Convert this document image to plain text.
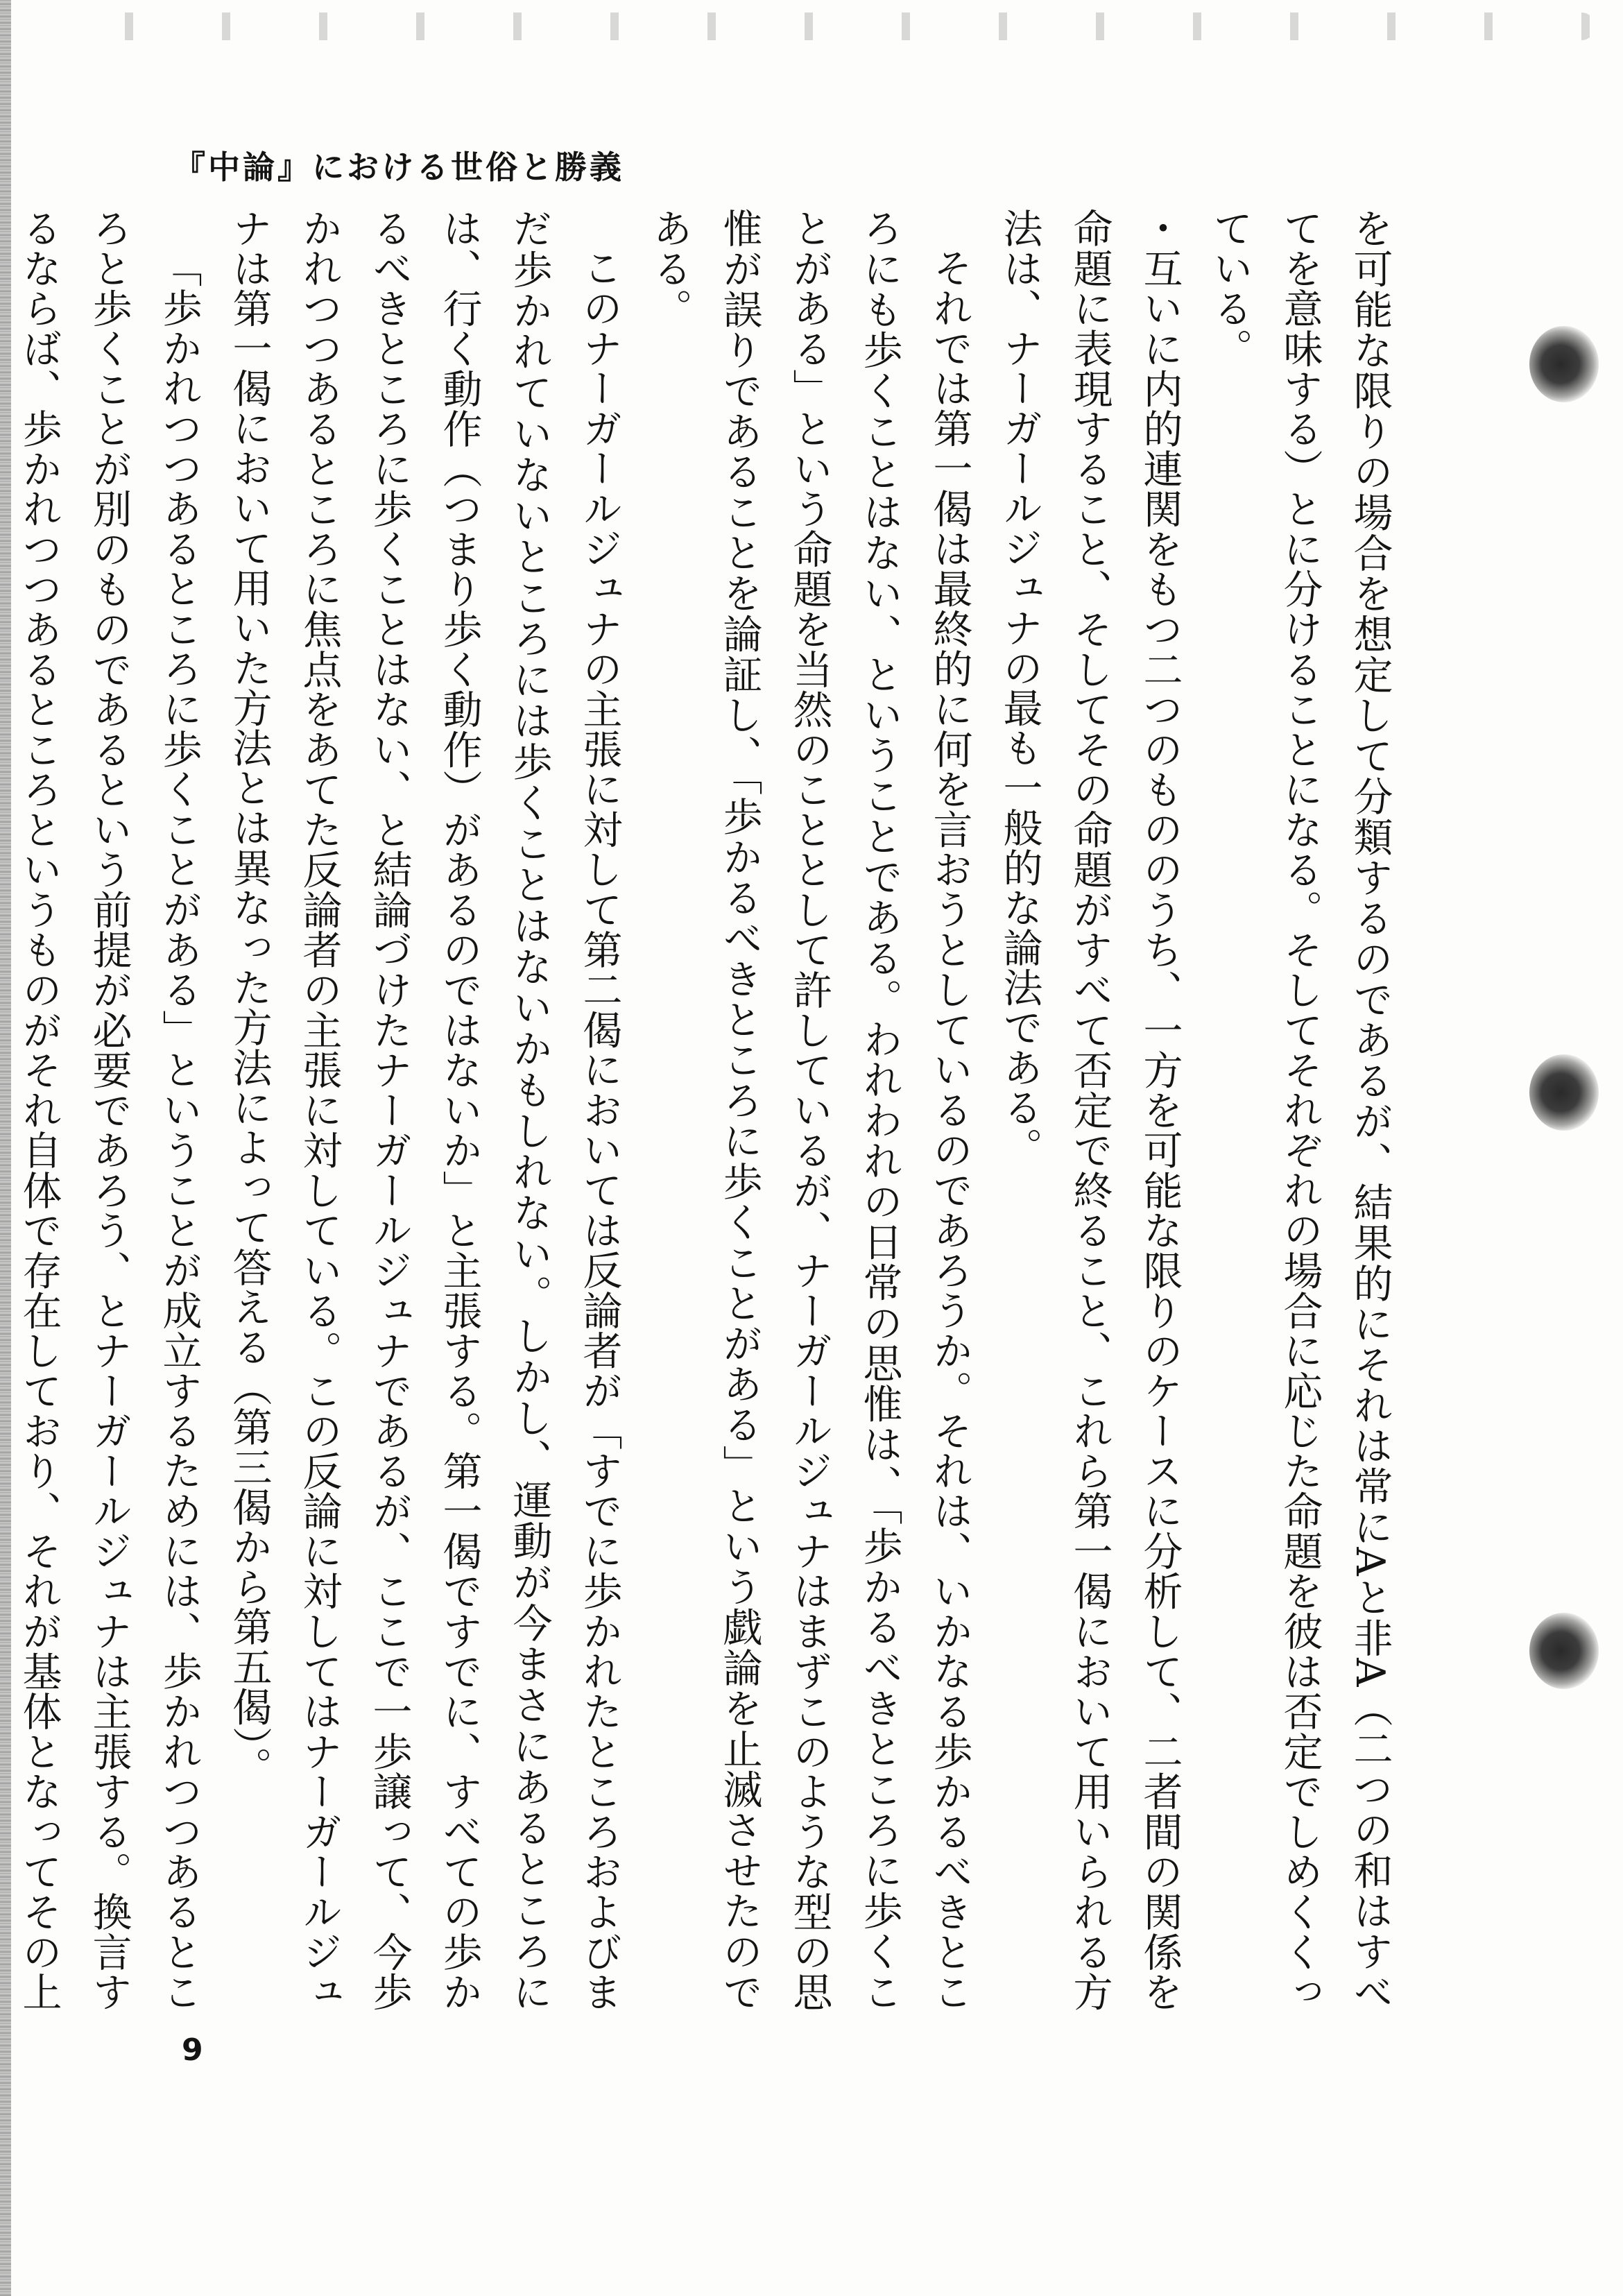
『中論』における世俗と勝義

を可能な限りの場合を想定して分類するのであるが、結果的にそれは常にAと非A（二つの和はすべてを意味する）とに分けることになる。そしてそれぞれの場合に応じた命題を彼は否定でしめくくっている。

・互いに内的連関をもつ二つのもののうち、一方を可能な限りのケースに分析して、二者間の関係を命題に表現すること、そしてその命題がすべて否定で終ること、これら第一偈において用いられる方法は、ナーガールジュナの最も一般的な論法である。

それでは第一偈は最終的に何を言おうとしているのであろうか。それは、いかなる歩かるべきところにも歩くことはない、ということである。われわれの日常の思惟は、「歩かるべきところに歩くことがある」という命題を当然のこととして許しているが、ナーガールジュナはまずこのような型の思惟が誤りであることを論証し、「歩かるべきところに歩くことがある」という戯論を止滅させたのである。

このナーガールジュナの主張に対して第二偈においては反論者が「すでに歩かれたところおよびまだ歩かれていないところには歩くことはないかもしれない。しかし、運動が今まさにあるところには、行く動作（つまり歩く動作）があるのではないか」と主張する。第一偈ですでに、すべての歩かるべきところに歩くことはない、と結論づけたナーガールジュナであるが、ここで一歩譲って、今歩かれつつあるところに焦点をあてた反論者の主張に対している。この反論に対してはナーガールジュナは第一偈において用いた方法とは異なった方法によって答える（第三偈から第五偈）。

「歩かれつつあるところに歩くことがある」ということが成立するためには、歩かれつつあるところと歩くことが別のものであるという前提が必要であろう、とナーガールジュナは主張する。換言するならば、歩かれつつあるところというものがそれ自体で存在しており、それが基体となってその上

9
